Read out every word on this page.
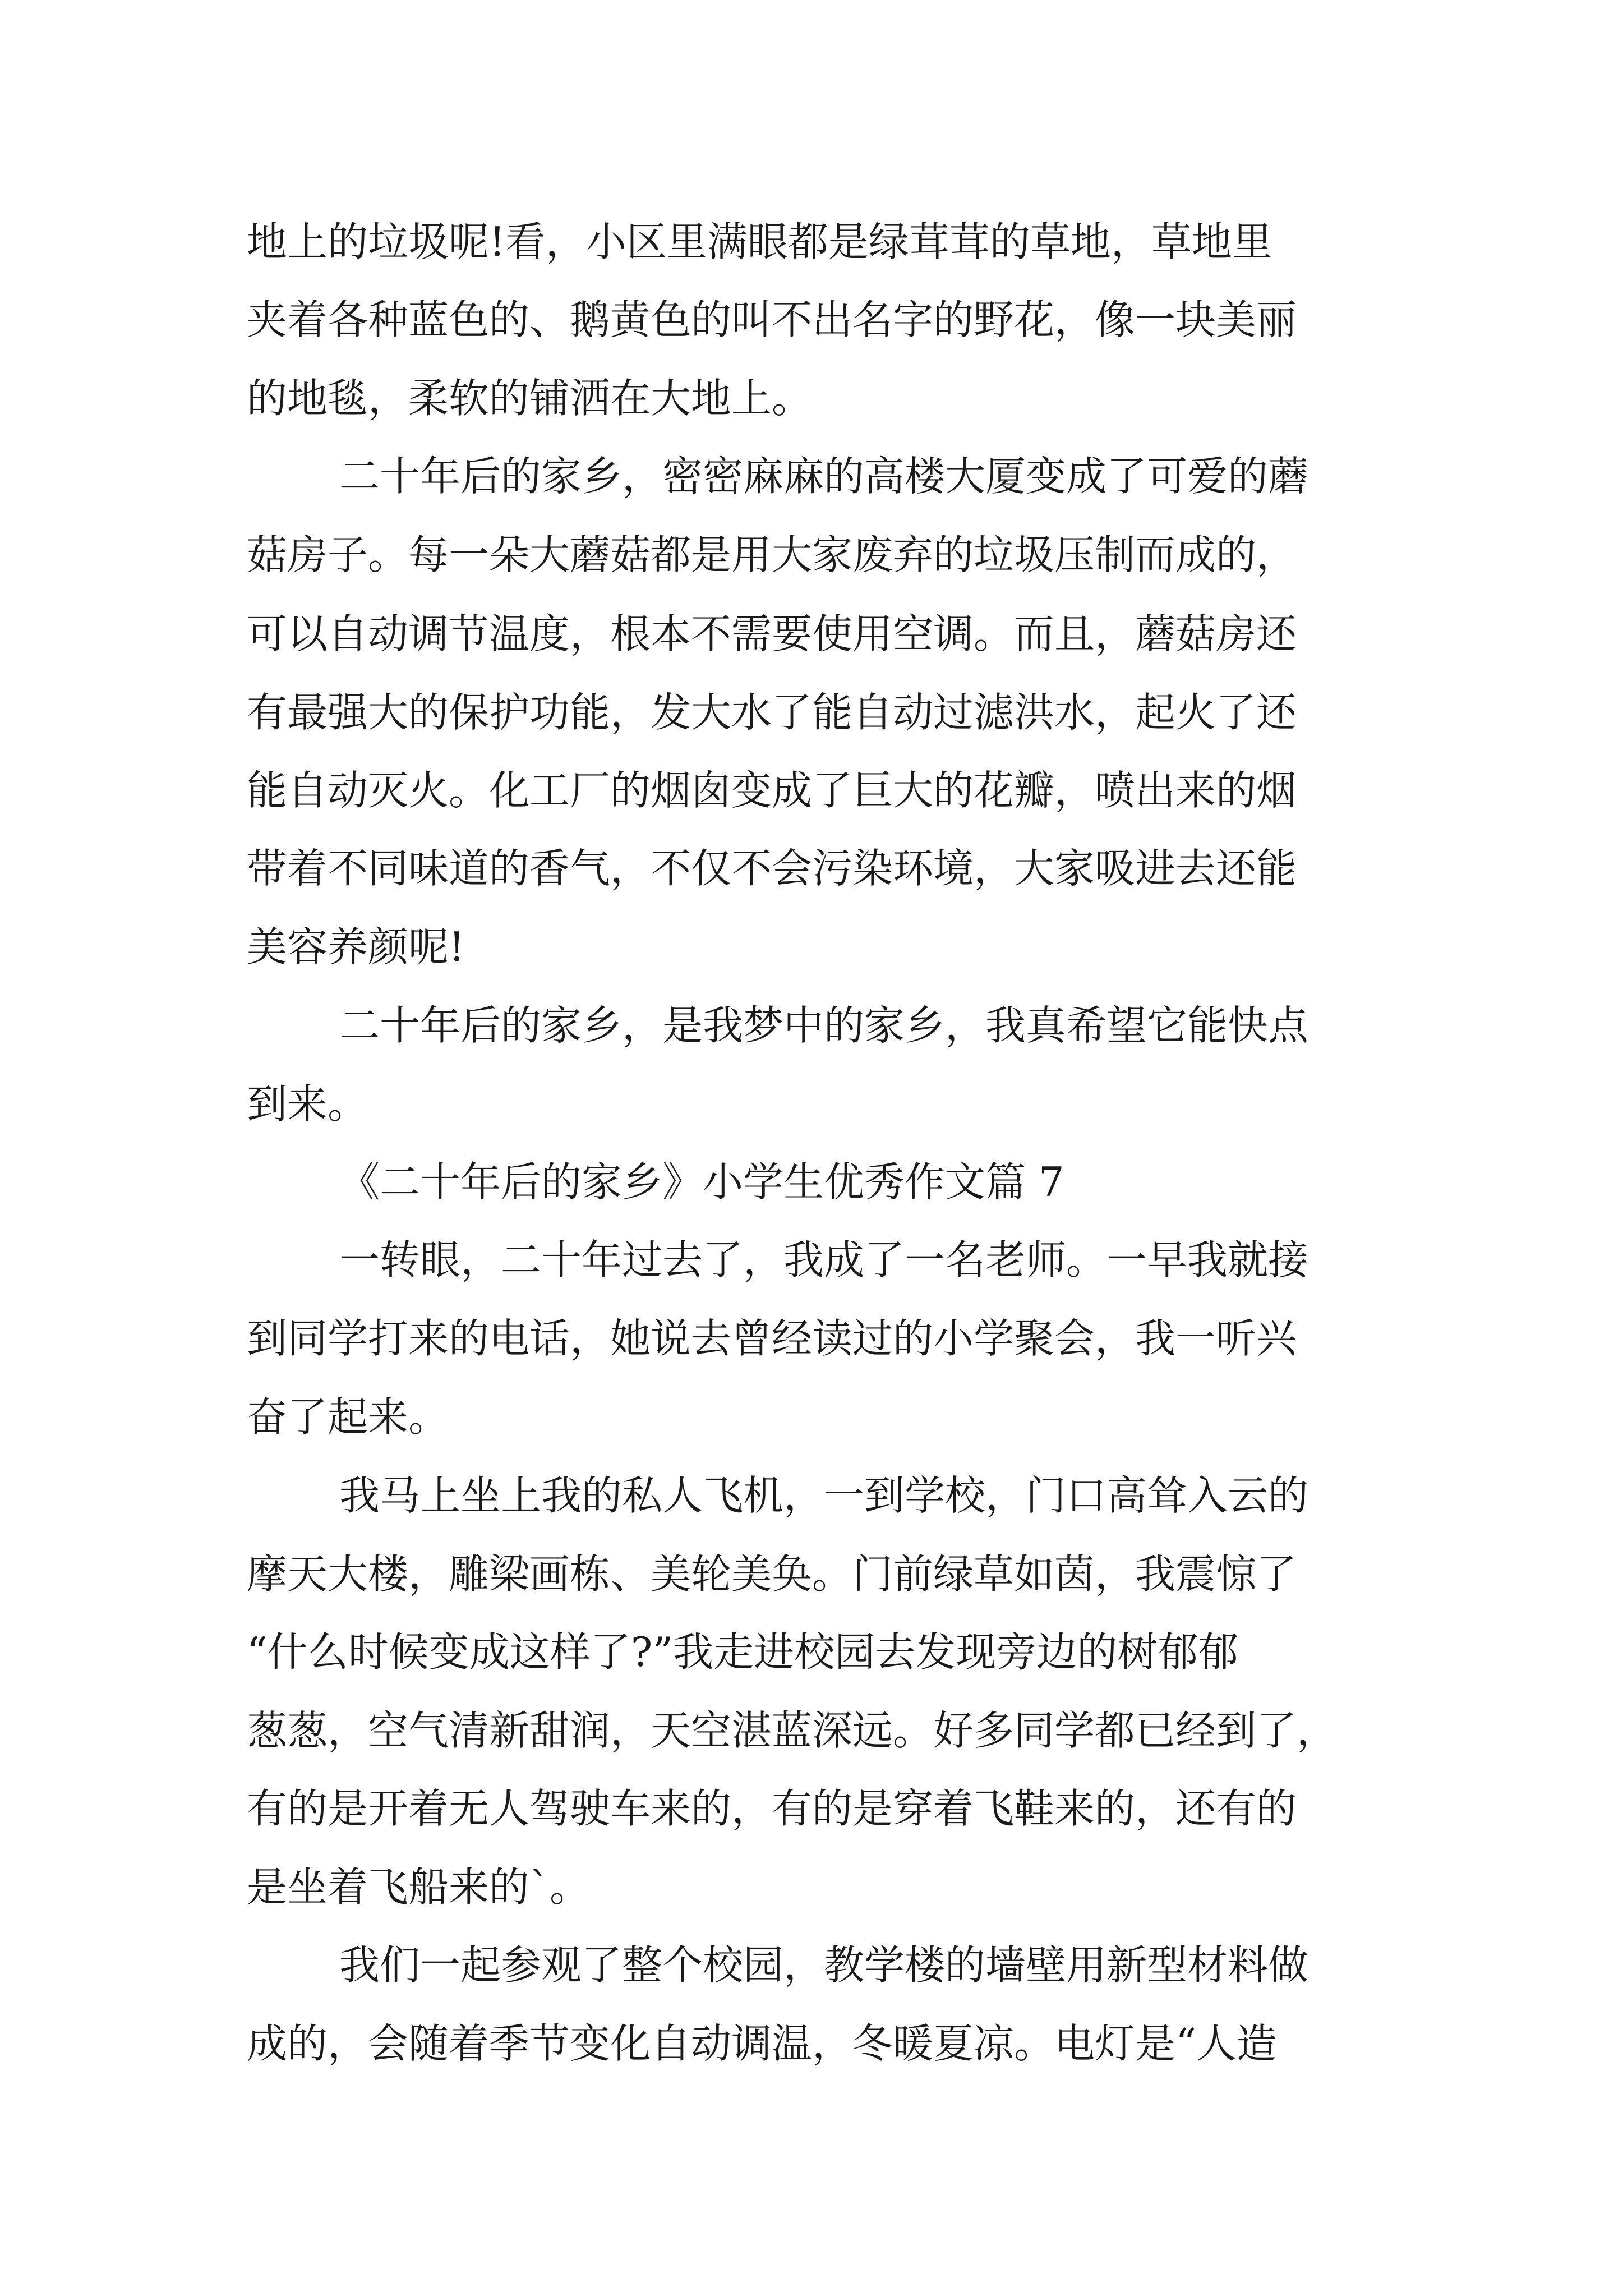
地上的垃圾呢!看，小区里满眼都是绿茸茸的草地，草地里

夹着各种蓝色的、鹅黄色的叫不出名字的野花，像一块美丽

的地毯，柔软的铺洒在大地上。

二十年后的家乡，密密麻麻的高楼大厦变成了可爱的蘑

菇房子。每一朵大蘑菇都是用大家废弃的垃圾压制而成的，

可以自动调节温度，根本不需要使用空调。而且，蘑菇房还

有最强大的保护功能，发大水了能自动过滤洪水，起火了还

能自动灭火。化工厂的烟囱变成了巨大的花瓣，喷出来的烟

带着不同味道的香气，不仅不会污染环境，大家吸进去还能

美容养颜呢!

二十年后的家乡，是我梦中的家乡，我真希望它能快点

到来。

《二十年后的家乡》小学生优秀作文篇 7

一转眼，二十年过去了，我成了一名老师。一早我就接

到同学打来的电话，她说去曾经读过的小学聚会，我一听兴

奋了起来。

我马上坐上我的私人飞机，一到学校，门口高耸入云的

摩天大楼，雕梁画栋、美轮美奂。门前绿草如茵，我震惊了

“什么时候变成这样了?”我走进校园去发现旁边的树郁郁

葱葱，空气清新甜润，天空湛蓝深远。好多同学都已经到了，

有的是开着无人驾驶车来的，有的是穿着飞鞋来的，还有的

是坐着飞船来的`。

我们一起参观了整个校园，教学楼的墙壁用新型材料做

成的，会随着季节变化自动调温，冬暖夏凉。电灯是“人造
